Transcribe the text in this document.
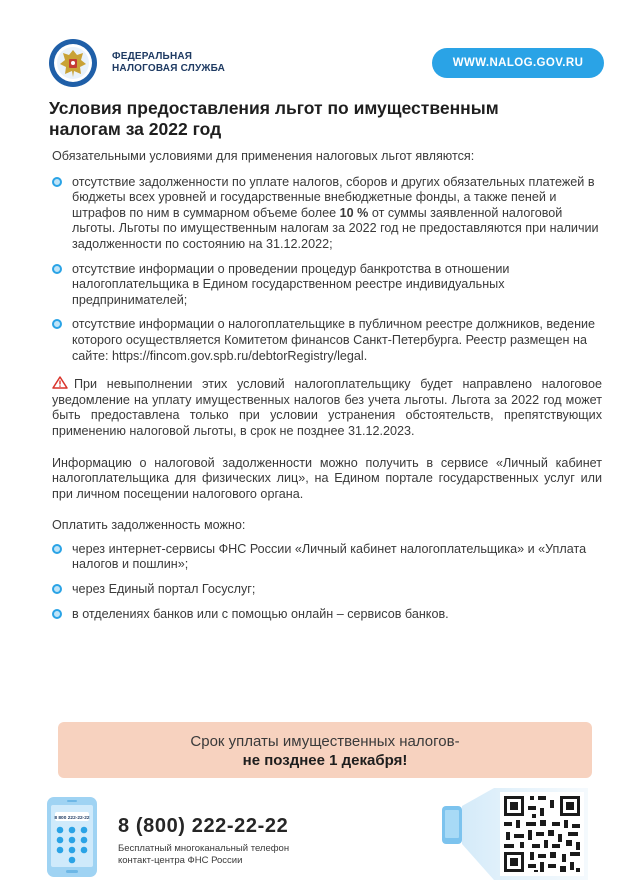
ФЕДЕРАЛЬНАЯ
НАЛОГОВАЯ СЛУЖБА	WWW.NALOG.GOV.RU
Условия предоставления льгот по имущественным
налогам за 2022 год

Обязательными условиями для применения налоговых льгот являются:

отсутствие задолженности по уплате налогов, сборов и других обязательных платежей в бюджеты всех уровней и государственные внебюджетные фонды, а также пеней и штрафов по ним в суммарном объеме более 10 % от суммы заявленной налоговой льготы. Льготы по имущественным налогам за 2022 год не предоставляются при наличии задолженности по состоянию на 31.12.2022;
отсутствие информации о проведении процедур банкротства в отношении налогоплательщика в Едином государственном реестре индивидуальных предпринимателей;
отсутствие информации о налогоплательщике в публичном реестре должников, ведение которого осуществляется Комитетом финансов Санкт-Петербурга. Реестр размещен на сайте: https://fincom.gov.spb.ru/debtorRegistry/legal.

При невыполнении этих условий налогоплательщику будет направлено налоговое уведомление на уплату имущественных налогов без учета льготы. Льгота за 2022 год может быть предоставлена только при условии устранения обстоятельств, препятствующих применению налоговой льготы, в срок не позднее 31.12.2023.

Информацию о налоговой задолженности можно получить в сервисе «Личный кабинет налогоплательщика для физических лиц», на Едином портале государственных услуг или при личном посещении налогового органа.

Оплатить задолженность можно:

через интернет-сервисы ФНС России «Личный кабинет налогоплательщика» и «Уплата налогов и пошлин»;
через Единый портал Госуслуг;
в отделениях банков или с помощью онлайн – сервисов банков.
Срок уплаты имущественных налогов-
не позднее 1 декабря!
8 800 222-22-22 8 (800) 222-22-22
Бесплатный многоканальный телефон
контакт-центра ФНС России
